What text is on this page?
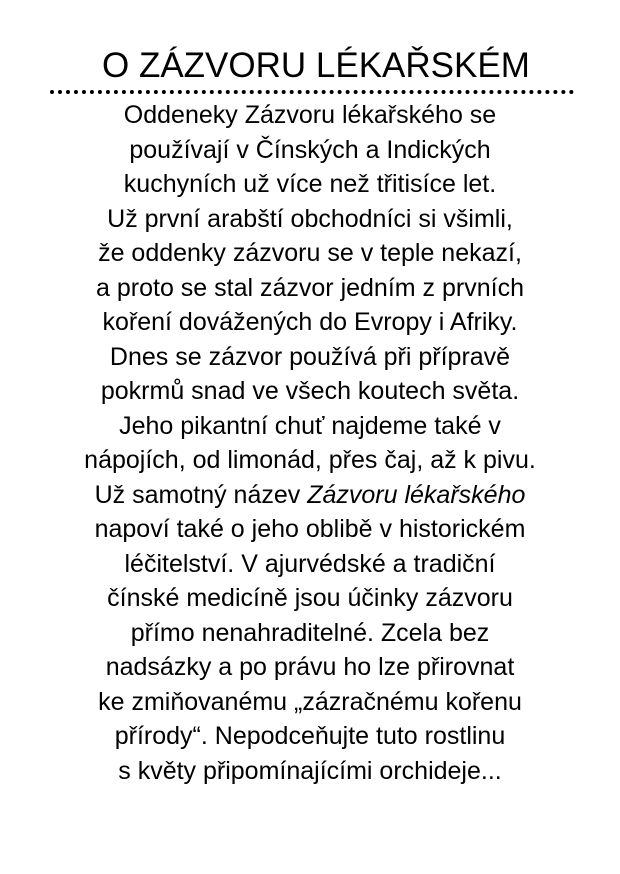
O ZÁZVORU LÉKAŘSKÉM
Oddeneky Zázvoru lékařského se
používají v Čínských a Indických
kuchyních už více než třitisíce let.
Už první arabští obchodníci si všimli,
že oddenky zázvoru se v teple nekazí,
a proto se stal zázvor jedním z prvních
koření dovážených do Evropy i Afriky.
Dnes se zázvor používá při přípravě
pokrmů snad ve všech koutech světa.
Jeho pikantní chuť najdeme také v
nápojích, od limonád, přes čaj, až k pivu.
Už samotný název Zázvoru lékařského
napoví také o jeho oblibě v historickém
léčitelství. V ajurvédské a tradiční
čínské medicíně jsou účinky zázvoru
přímo nenahraditelné. Zcela bez
nadsázky a po právu ho lze přirovnat
ke zmiňovanému „zázračnému kořenu
přírody“. Nepodceňujte tuto rostlinu
s květy připomínajícími orchideje...
